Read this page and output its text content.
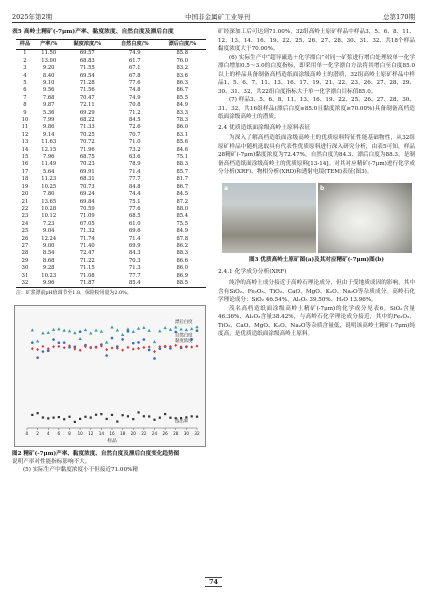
2025年第2期	中国非金属矿工业导刊	总第170期
表5 高岭土精矿(-7μm)产率、黏度浓度、自然白度及漂后白度
样品	产率/%	黏度浓度/%	自然白度/%	漂后白度/%
1	11.50	69.57	74.9	85.8
2	13.00	68.83	61.7	76.0
3	9.20	71.55	67.1	83.2
4	8.40	69.54	67.8	83.6
5	9.10	71.28	77.6	86.3
6	9.56	71.56	74.8	86.7
7	7.68	70.47	74.9	85.5
8	9.87	72.11	70.8	84.9
9	5.36	69.29	71.2	83.3
10	7.99	68.22	84.5	78.3
11	9.86	71.33	72.6	86.0
12	9.14	70.25	70.7	83.1
13	11.63	70.72	71.0	85.6
14	12.15	71.96	73.2	84.6
15	7.96	68.75	63.6	75.1
16	11.49	70.23	78.9	88.3
17	5.64	69.91	71.4	85.7
18	11.23	68.31	77.7	81.7
19	10.25	70.73	84.8	86.7
20	7.80	69.24	74.4	84.5
21	13.65	69.84	75.1	87.2
22	10.28	70.59	77.6	88.0
23	10.12	71.09	68.5	85.4
24	7.23	67.05	61.0	75.5
25	9.04	71.32	69.6	84.9
26	12.24	71.74	71.4	87.8
27	9.00	71.40	69.9	86.2
28	8.54	72.47	84.3	88.3
29	8.68	71.22	70.3	86.6
30	9.28	71.15	71.3	86.0
31	10.23	71.08	77.7	86.9
32	9.96	71.87	85.4	88.5
注：矿浆漂前pH值调节至1.8，保险粉用量为2.0%。
0 2 4 6 8 10 12 14 16 18 20 22 24 26 28 30 32
样品
漂后白度
自然白度
黏度浓度
选出率
图2 精矿(-7μm)产率、黏度浓度、自然白度及漂后白度变化趋势图

说明产率对性能指标影响不大。

(5) 实际生产中黏度浓度小于但接近71.00%精

矿经深加工后可达到71.00%，32组高岭土原矿样品中样品3、5、6、8、11、12、13、14、16、19、22、25、26、27、28、30、31、32、共18个样品黏度浓度大于70.00%。

(6) 实际生产中“超导磁选＋化学漂白”对同一矿浆进行增白处理较单一化学漂白增加0.5～3.0的白度指标，即采用单一化学漂白方法将其增白至白度85.0以上的样品具备制备高档造纸面涂级高岭土的潜质，32组高岭土原矿样品中样品1、5、6、7、11、13、16、17、19、21、22、23、26、27、28、29、30、31、32，共22组白度指标大于单一化学漂白目标值85.0。

(7) 样品3、5、6、8、11、13、16、19、22、25、26、27、28、30、31、32，共16组样品(漂后白度≥85.0且黏度浓度≥70.00%)具备制备高档造纸面涂级高岭土的潜质。

2.4 优质造纸面涂级高岭土原料表征

为深入了解高档造纸面涂级高岭土的优质原料特征性能基础物性，从32组原矿样品中随机选取具有代表性优质原料进行深入研究分析，由表5可知，样品28精矿(-7μm)黏度浓度为72.47%，自然白度为84.3、漂后白度为88.3，是制备高档造纸面涂级高岭土的优质原料[13-14]。对其对应精矿(-7μm)进行化学成分分析(XRF)、物相分析(XRD)和透射电镜(TEM)表征(图3)。

a	b
图3 优质高岭土原矿图(a)及其对应精矿(-7μm)图(b)
2.4.1 化学成分分析(XRF)

纯净的高岭土成分接近于高岭石理论成分，但由于受地质成因的影响，其中含有SiO₂、Fe₂O₃、TiO₂、CaO、MgO、K₂O、Na₂O等杂质成分。高岭石化学理论成分：SiO₂ 46.54%、Al₂O₃ 39.50%、H₂O 13.96%。

茂名高档造纸面涂级高岭土精矿(-7μm)的化学成分见表6。SiO₂含量46.36%、Al₂O₃含量38.42%，与高岭石化学理论成分接近，其中的Fe₂O₃、TiO₂、CaO、MgO、K₂O、Na₂O等杂质含量低，说明该高岭土精矿(-7μm)纯度高，是优质造纸面涂级高岭土原料。

74
